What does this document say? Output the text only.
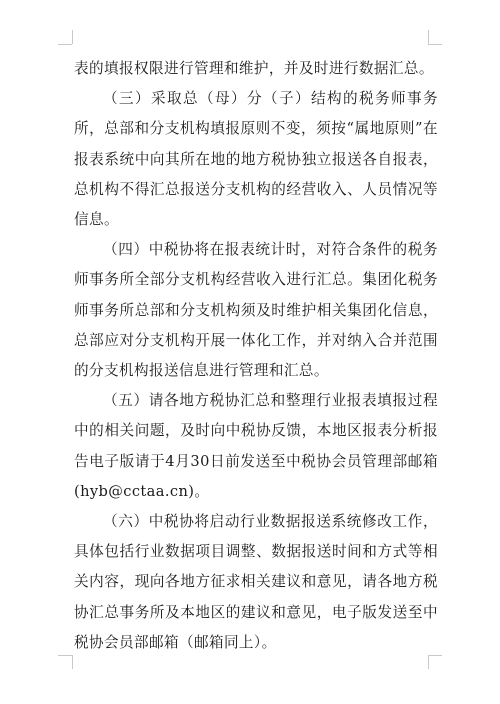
表的填报权限进行管理和维护，并及时进行数据汇总。

（三）采取总（母）分（子）结构的税务师事务所，总部和分支机构填报原则不变，须按“属地原则”在报表系统中向其所在地的地方税协独立报送各自报表，总机构不得汇总报送分支机构的经营收入、人员情况等信息。

（四）中税协将在报表统计时，对符合条件的税务师事务所全部分支机构经营收入进行汇总。集团化税务师事务所总部和分支机构须及时维护相关集团化信息，总部应对分支机构开展一体化工作，并对纳入合并范围的分支机构报送信息进行管理和汇总。

（五）请各地方税协汇总和整理行业报表填报过程中的相关问题，及时向中税协反馈，本地区报表分析报告电子版请于4月30日前发送至中税协会员管理部邮箱(hyb@cctaa.cn)。

（六）中税协将启动行业数据报送系统修改工作，具体包括行业数据项目调整、数据报送时间和方式等相关内容，现向各地方征求相关建议和意见，请各地方税协汇总事务所及本地区的建议和意见，电子版发送至中税协会员部邮箱（邮箱同上）。
